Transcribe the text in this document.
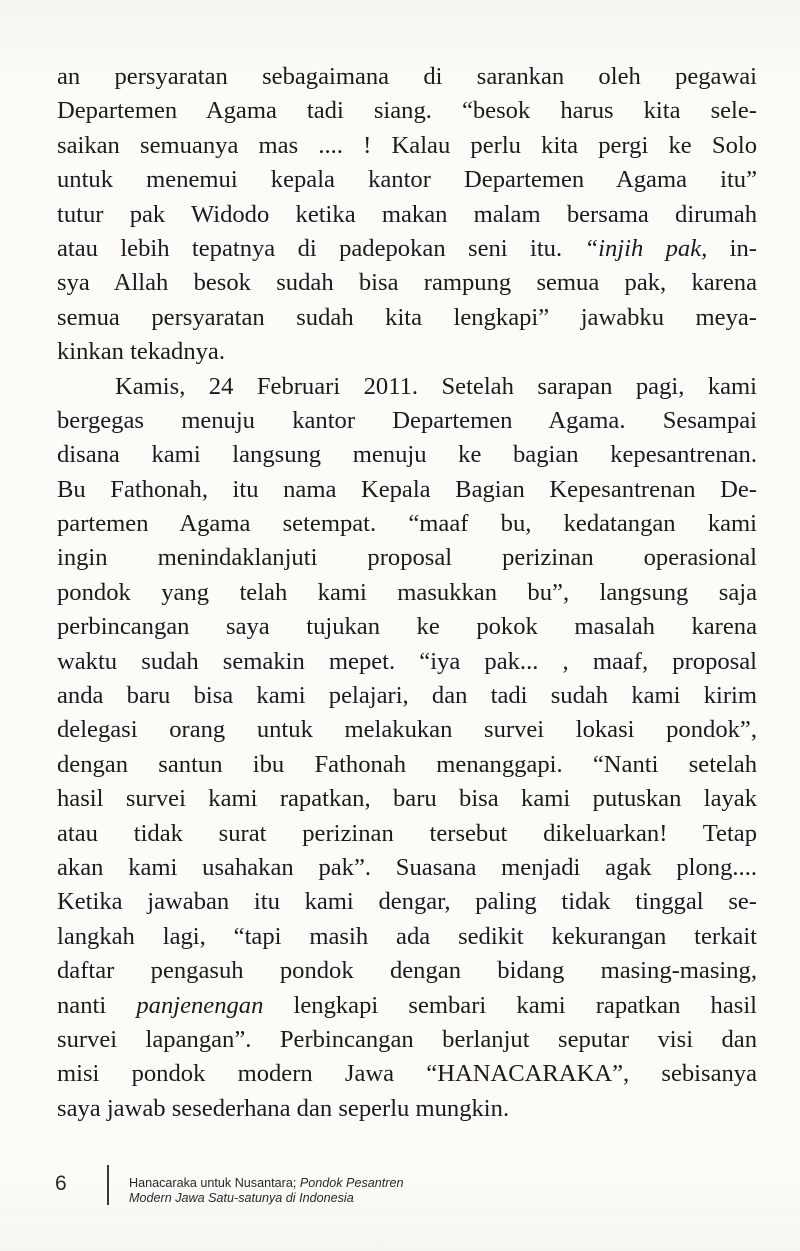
an persyaratan sebagaimana di sarankan oleh pegawai
Departemen Agama tadi siang. “besok harus kita sele-
saikan semuanya mas .... ! Kalau perlu kita pergi ke Solo
untuk menemui kepala kantor Departemen Agama itu”
tutur pak Widodo ketika makan malam bersama dirumah
atau lebih tepatnya di padepokan seni itu. “injih pak, in-
sya Allah besok sudah bisa rampung semua pak, karena
semua persyaratan sudah kita lengkapi” jawabku meya-
kinkan tekadnya.
Kamis, 24 Februari 2011. Setelah sarapan pagi, kami
bergegas menuju kantor Departemen Agama. Sesampai
disana kami langsung menuju ke bagian kepesantrenan.
Bu Fathonah, itu nama Kepala Bagian Kepesantrenan De-
partemen Agama setempat. “maaf bu, kedatangan kami
ingin menindaklanjuti proposal perizinan operasional
pondok yang telah kami masukkan bu”, langsung saja
perbincangan saya tujukan ke pokok masalah karena
waktu sudah semakin mepet. “iya pak... , maaf, proposal
anda baru bisa kami pelajari, dan tadi sudah kami kirim
delegasi orang untuk melakukan survei lokasi pondok”,
dengan santun ibu Fathonah menanggapi. “Nanti setelah
hasil survei kami rapatkan, baru bisa kami putuskan layak
atau tidak surat perizinan tersebut dikeluarkan! Tetap
akan kami usahakan pak”. Suasana menjadi agak plong....
Ketika jawaban itu kami dengar, paling tidak tinggal se-
langkah lagi, “tapi masih ada sedikit kekurangan terkait
daftar pengasuh pondok dengan bidang masing-masing,
nanti panjenengan lengkapi sembari kami rapatkan hasil
survei lapangan”. Perbincangan berlanjut seputar visi dan
misi pondok modern Jawa “HANACARAKA”, sebisanya
saya jawab sesederhana dan seperlu mungkin.
6	Hanacaraka untuk Nusantara; Pondok Pesantren
Modern Jawa Satu-satunya di Indonesia
